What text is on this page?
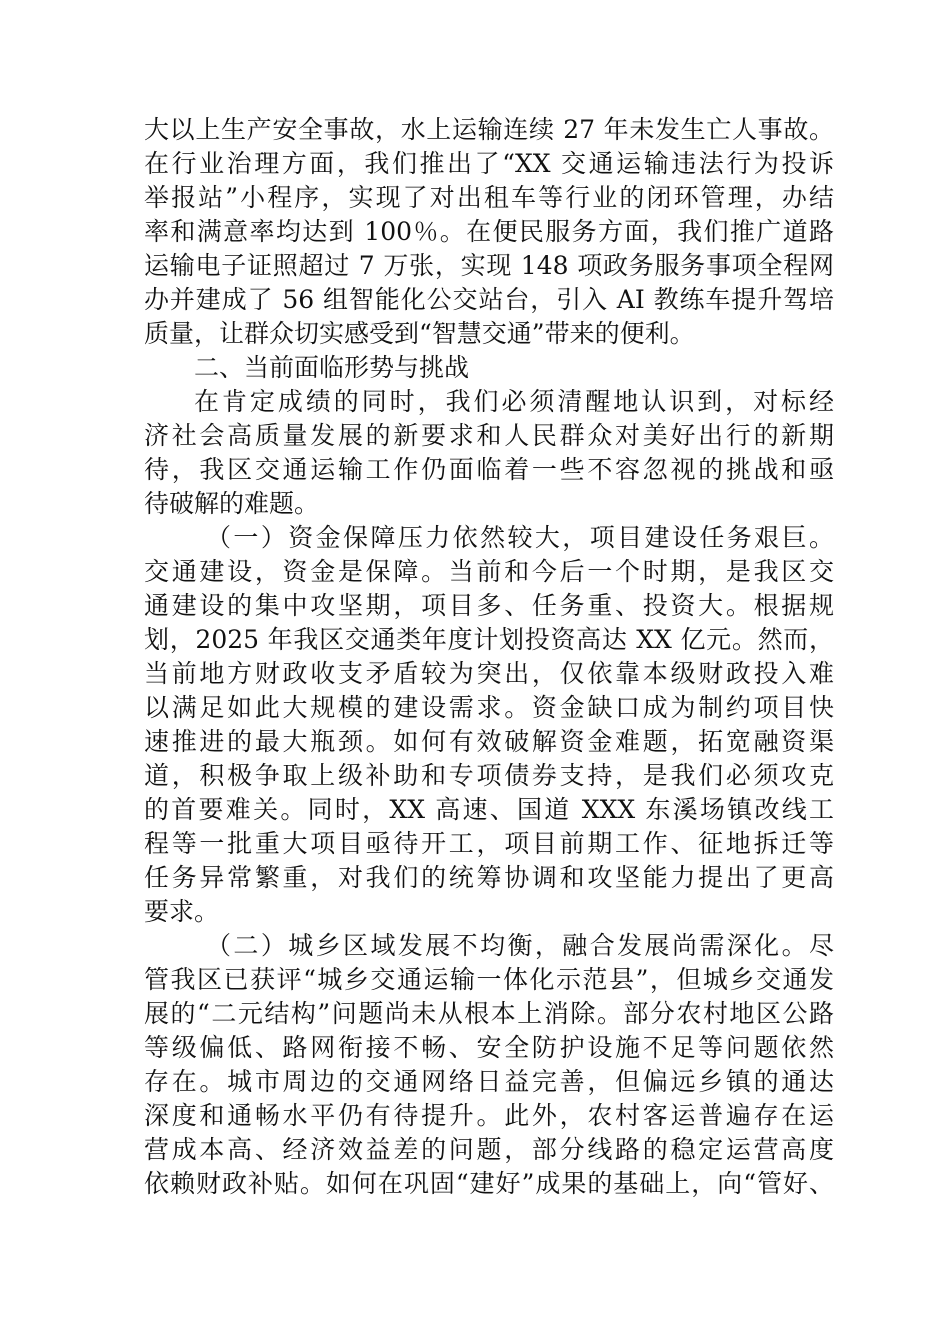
大以上生产安全事故，水上运输连续 27 年未发生亡人事故。
在行业治理方面，我们推出了“XX 交通运输违法行为投诉
举报站”小程序，实现了对出租车等行业的闭环管理，办结
率和满意率均达到 100％。在便民服务方面，我们推广道路
运输电子证照超过 7 万张，实现 148 项政务服务事项全程网
办并建成了 56 组智能化公交站台，引入 AI 教练车提升驾培
质量，让群众切实感受到“智慧交通”带来的便利。
二、当前面临形势与挑战
在肯定成绩的同时，我们必须清醒地认识到，对标经
济社会高质量发展的新要求和人民群众对美好出行的新期
待，我区交通运输工作仍面临着一些不容忽视的挑战和亟
待破解的难题。
（一）资金保障压力依然较大，项目建设任务艰巨。
交通建设，资金是保障。当前和今后一个时期，是我区交
通建设的集中攻坚期，项目多、任务重、投资大。根据规
划，2025 年我区交通类年度计划投资高达 XX 亿元。然而，
当前地方财政收支矛盾较为突出，仅依靠本级财政投入难
以满足如此大规模的建设需求。资金缺口成为制约项目快
速推进的最大瓶颈。如何有效破解资金难题，拓宽融资渠
道，积极争取上级补助和专项债券支持，是我们必须攻克
的首要难关。同时，XX 高速、国道 XXX 东溪场镇改线工
程等一批重大项目亟待开工，项目前期工作、征地拆迁等
任务异常繁重，对我们的统筹协调和攻坚能力提出了更高
要求。
（二）城乡区域发展不均衡，融合发展尚需深化。尽
管我区已获评“城乡交通运输一体化示范县”，但城乡交通发
展的“二元结构”问题尚未从根本上消除。部分农村地区公路
等级偏低、路网衔接不畅、安全防护设施不足等问题依然
存在。城市周边的交通网络日益完善，但偏远乡镇的通达
深度和通畅水平仍有待提升。此外，农村客运普遍存在运
营成本高、经济效益差的问题，部分线路的稳定运营高度
依赖财政补贴。如何在巩固“建好”成果的基础上，向“管好、
